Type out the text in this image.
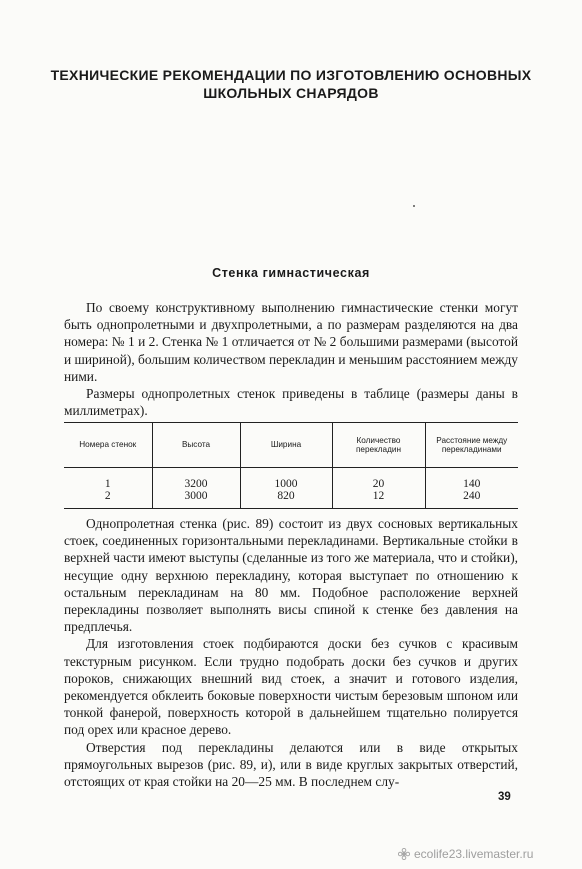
ТЕХНИЧЕСКИЕ РЕКОМЕНДАЦИИ ПО ИЗГОТОВЛЕНИЮ ОСНОВНЫХ
ШКОЛЬНЫХ СНАРЯДОВ
Стенка гимнастическая

По своему конструктивному выполнению гимнастические стенки могут быть однопролетными и двухпролетными, а по размерам разделяются на два номера: № 1 и 2. Стенка № 1 отличается от № 2 большими размерами (высотой и шириной), большим количеством перекладин и меньшим расстоянием между ними.

Размеры однопролетных стенок приведены в таблице (размеры даны в миллиметрах).

Номера стенок	Высота	Ширина	Количество перекладин	Расстояние между перекладинами
1	3200	1000	20	140
2	3000	820	12	240

Однопролетная стенка (рис. 89) состоит из двух сосновых вертикальных стоек, соединенных горизонтальными перекладинами. Вертикальные стойки в верхней части имеют выступы (сделанные из того же материала, что и стойки), несущие одну верхнюю перекладину, которая выступает по отношению к остальным перекладинам на 80 мм. Подобное расположение верхней перекладины позволяет выполнять висы спиной к стенке без давления на предплечья.

Для изготовления стоек подбираются доски без сучков с красивым текстурным рисунком. Если трудно подобрать доски без сучков и других пороков, снижающих внешний вид стоек, а значит и готового изделия, рекомендуется обклеить боковые поверхности чистым березовым шпоном или тонкой фанерой, поверхность которой в дальнейшем тщательно полируется под орех или красное дерево.

Отверстия под перекладины делаются или в виде открытых прямоугольных вырезов (рис. 89, и), или в виде круглых закрытых отверстий, отстоящих от края стойки на 20—25 мм. В последнем слу-

39
ecolife23.livemaster.ru
